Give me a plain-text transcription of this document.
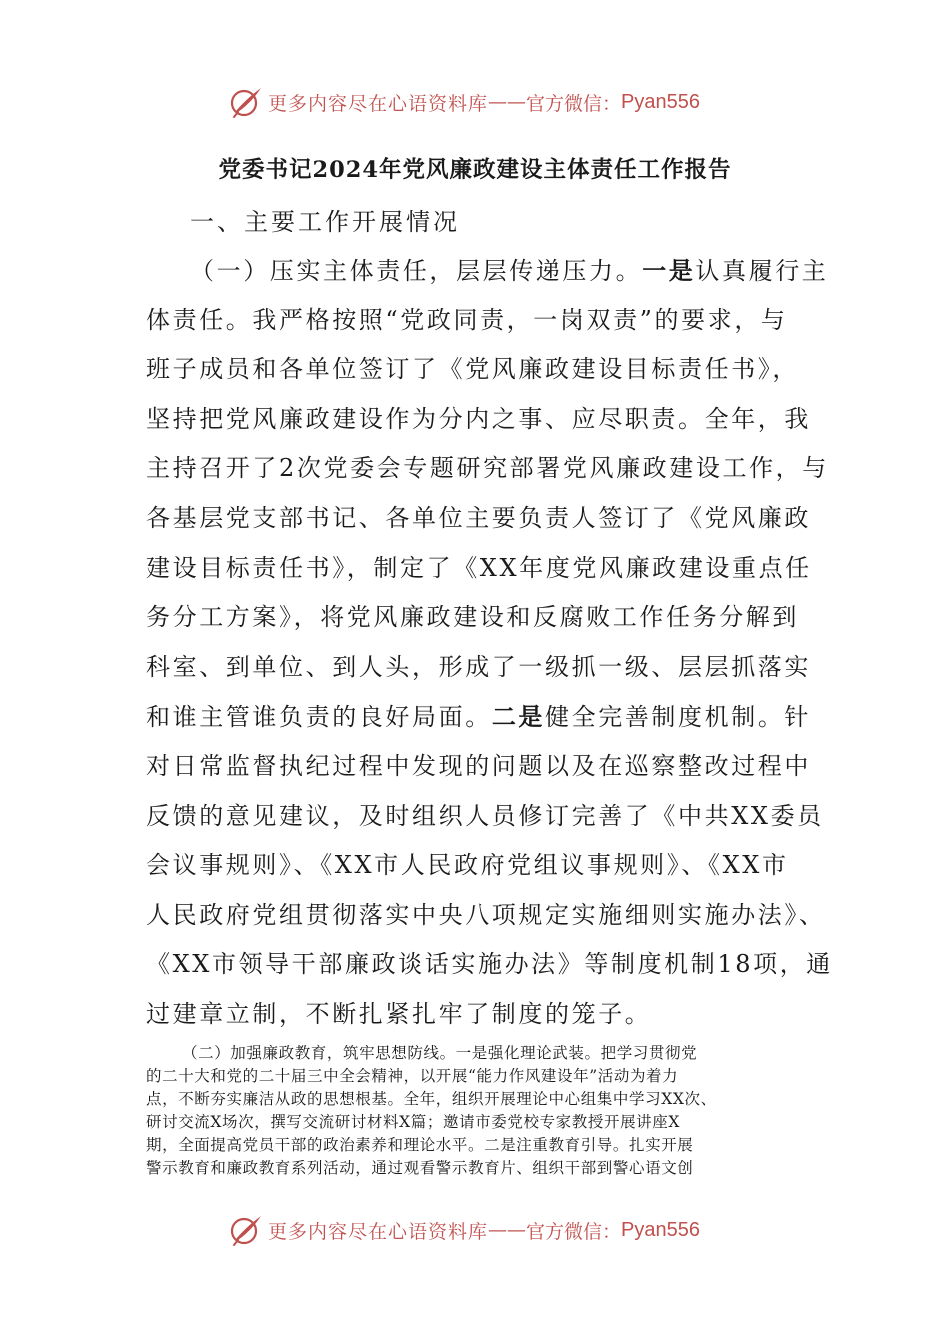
更多内容尽在心语资料库 —— 官方微信： Pyan556
党委书记2024年党风廉政建设主体责任工作报告
一、主要工作开展情况
（一）压实主体责任，层层传递压力。一是认真履行主
体责任。我严格按照“党政同责，一岗双责”的要求，与
班子成员和各单位签订了《党风廉政建设目标责任书》，
坚持把党风廉政建设作为分内之事、应尽职责。全年，我
主持召开了2次党委会专题研究部署党风廉政建设工作，与
各基层党支部书记、各单位主要负责人签订了《党风廉政
建设目标责任书》，制定了《XX年度党风廉政建设重点任
务分工方案》，将党风廉政建设和反腐败工作任务分解到
科室、到单位、到人头，形成了一级抓一级、层层抓落实
和谁主管谁负责的良好局面。二是健全完善制度机制。针
对日常监督执纪过程中发现的问题以及在巡察整改过程中
反馈的意见建议，及时组织人员修订完善了《中共XX委员
会议事规则》、《XX市人民政府党组议事规则》、《XX市
人民政府党组贯彻落实中央八项规定实施细则实施办法》、
《XX市领导干部廉政谈话实施办法》等制度机制18项，通
过建章立制，不断扎紧扎牢了制度的笼子。
（二）加强廉政教育，筑牢思想防线。一是强化理论武装。把学习贯彻党
的二十大和党的二十届三中全会精神，以开展“能力作风建设年”活动为着力
点，不断夯实廉洁从政的思想根基。全年，组织开展理论中心组集中学习XX次、
研讨交流X场次，撰写交流研讨材料X篇；邀请市委党校专家教授开展讲座X
期，全面提高党员干部的政治素养和理论水平。二是注重教育引导。扎实开展
警示教育和廉政教育系列活动，通过观看警示教育片、组织干部到警心语文创
更多内容尽在心语资料库 —— 官方微信： Pyan556
